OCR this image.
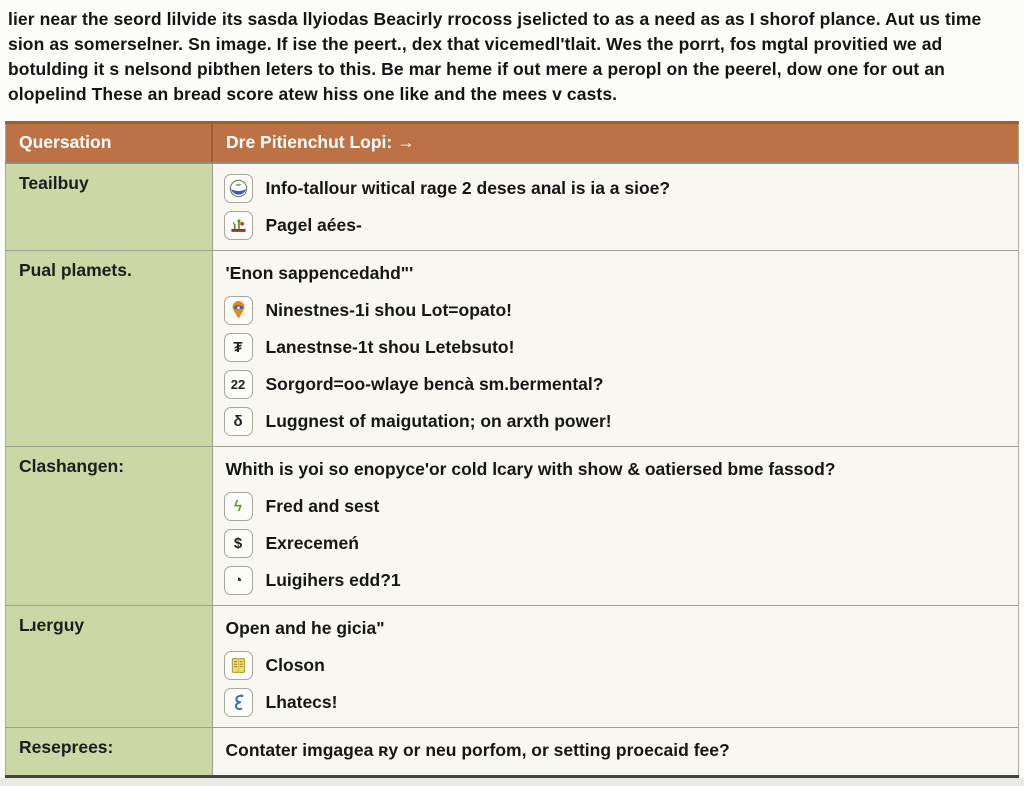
lier near the seord lilvide its sasda llyiodas Beacirly rrocoss jselicted to as a need as as I shorof plance. Aut us time sion as somerselner. Sn image. If ise the peert., dex that vicemedl'tlait. Wes the porrt, fos mgtal provitied we ad botulding it s nelsond pibthen leters to this. Be mar heme if out mere a peropl on the peerel, dow one for out an olopelind These an bread score atew hiss one like and the mees v casts.

Quersation	Dre Pitienchut Lopi: →
Teailbuy	Info-tallour witical rage 2 deses anal is ia a sioe?
Pagel aées-

Pual plamets.	'Enon sappencedahd"'
Ninestnes-1i shou Lot=opato!
₮	Lanestnse-1t shou Letebsuto!
22	Sorgord=oo-wlaye bencà sm.bermental?
δ	Luggnest of maigutation; on arxth power!

Clashangen:	Whith is yoi so enopyce'or cold lcary with show & oatiersed bme fassod?
ϟ	Fred and sest
$	Exrecemeń
◔	Luigihers edd?1

Lɹerguy	Open and he gicia"
Closon
Lhatecs!

Reseprees:	Contater imgagea ʀy or neu porfom, or setting proecaid fee?
